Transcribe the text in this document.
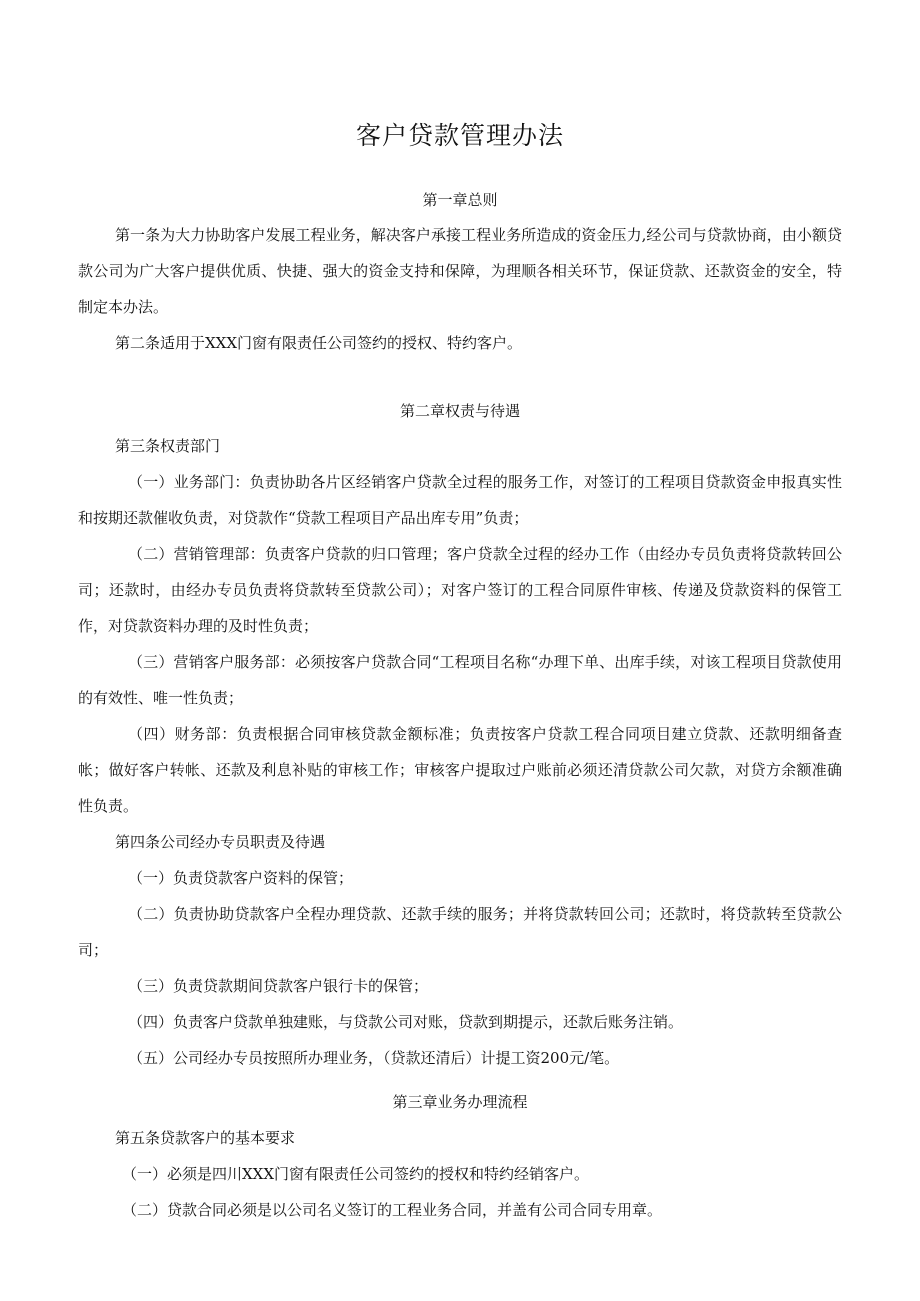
客户贷款管理办法
第一章总则
第一条为大力协助客户发展工程业务，解决客户承接工程业务所造成的资金压力,经公司与贷款协商，由小额贷款公司为广大客户提供优质、快捷、强大的资金支持和保障，为理顺各相关环节，保证贷款、还款资金的安全，特制定本办法。
第二条适用于XXX门窗有限责任公司签约的授权、特约客户。
第二章权责与待遇
第三条权责部门
（一）业务部门：负责协助各片区经销客户贷款全过程的服务工作，对签订的工程项目贷款资金申报真实性和按期还款催收负责，对贷款作“贷款工程项目产品出库专用”负责；
（二）营销管理部：负责客户贷款的归口管理；客户贷款全过程的经办工作（由经办专员负责将贷款转回公司；还款时，由经办专员负责将贷款转至贷款公司）；对客户签订的工程合同原件审核、传递及贷款资料的保管工作，对贷款资料办理的及时性负责；
（三）营销客户服务部：必须按客户贷款合同“工程项目名称“办理下单、出库手续，对该工程项目贷款使用的有效性、唯一性负责；
（四）财务部：负责根据合同审核贷款金额标准；负责按客户贷款工程合同项目建立贷款、还款明细备查帐；做好客户转帐、还款及利息补贴的审核工作；审核客户提取过户账前必须还清贷款公司欠款，对贷方余额准确性负责。
第四条公司经办专员职责及待遇
（一）负责贷款客户资料的保管；
（二）负责协助贷款客户全程办理贷款、还款手续的服务；并将贷款转回公司；还款时，将贷款转至贷款公司；
（三）负责贷款期间贷款客户银行卡的保管；
（四）负责客户贷款单独建账，与贷款公司对账，贷款到期提示，还款后账务注销。
（五）公司经办专员按照所办理业务，（贷款还清后）计提工资200元/笔。
第三章业务办理流程
第五条贷款客户的基本要求
（一）必须是四川XXX门窗有限责任公司签约的授权和特约经销客户。
（二）贷款合同必须是以公司名义签订的工程业务合同，并盖有公司合同专用章。
